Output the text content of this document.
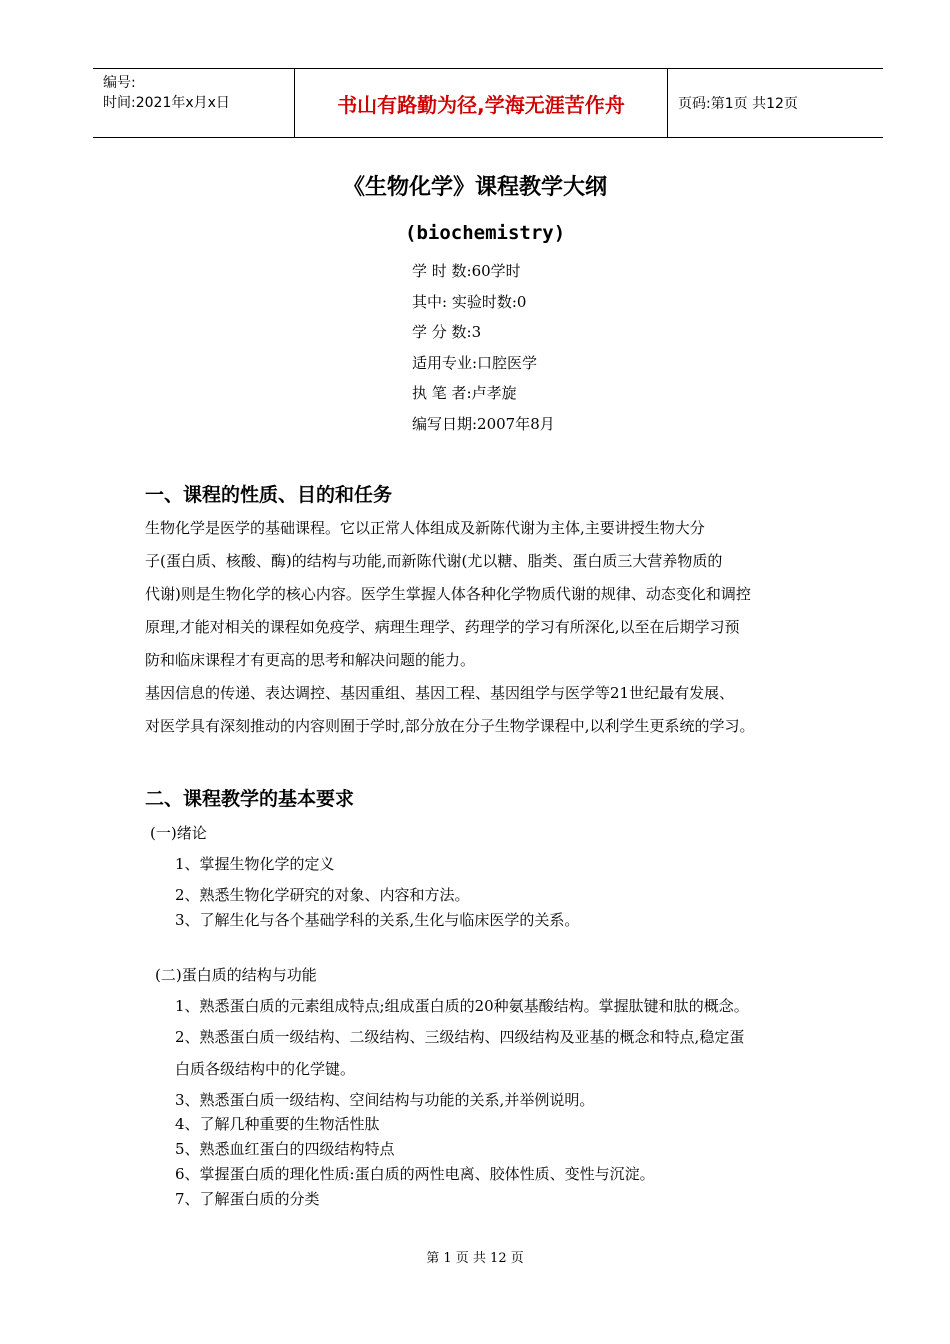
编号:
时间:2021年x月x日	书山有路勤为径,学海无涯苦作舟	页码:第1页 共12页
《生物化学》课程教学大纲
(biochemistry)
学 时 数:60学时
其中: 实验时数:0
学 分 数:3
适用专业:口腔医学
执 笔 者:卢孝旋
编写日期:2007年8月
一、课程的性质、目的和任务
生物化学是医学的基础课程。它以正常人体组成及新陈代谢为主体,主要讲授生物大分
子(蛋白质、核酸、酶)的结构与功能,而新陈代谢(尤以糖、脂类、蛋白质三大营养物质的
代谢)则是生物化学的核心内容。医学生掌握人体各种化学物质代谢的规律、动态变化和调控
原理,才能对相关的课程如免疫学、病理生理学、药理学的学习有所深化,以至在后期学习预
防和临床课程才有更高的思考和解决问题的能力。
基因信息的传递、表达调控、基因重组、基因工程、基因组学与医学等21世纪最有发展、
对医学具有深刻推动的内容则囿于学时,部分放在分子生物学课程中,以利学生更系统的学习。
二、课程教学的基本要求
(一)绪论
1、掌握生物化学的定义
2、熟悉生物化学研究的对象、内容和方法。
3、了解生化与各个基础学科的关系,生化与临床医学的关系。
(二)蛋白质的结构与功能
1、熟悉蛋白质的元素组成特点;组成蛋白质的20种氨基酸结构。掌握肽键和肽的概念。
2、熟悉蛋白质一级结构、二级结构、三级结构、四级结构及亚基的概念和特点,稳定蛋
白质各级结构中的化学键。
3、熟悉蛋白质一级结构、空间结构与功能的关系,并举例说明。
4、了解几种重要的生物活性肽
5、熟悉血红蛋白的四级结构特点
6、掌握蛋白质的理化性质:蛋白质的两性电离、胶体性质、变性与沉淀。
7、了解蛋白质的分类
第 1 页 共 12 页
